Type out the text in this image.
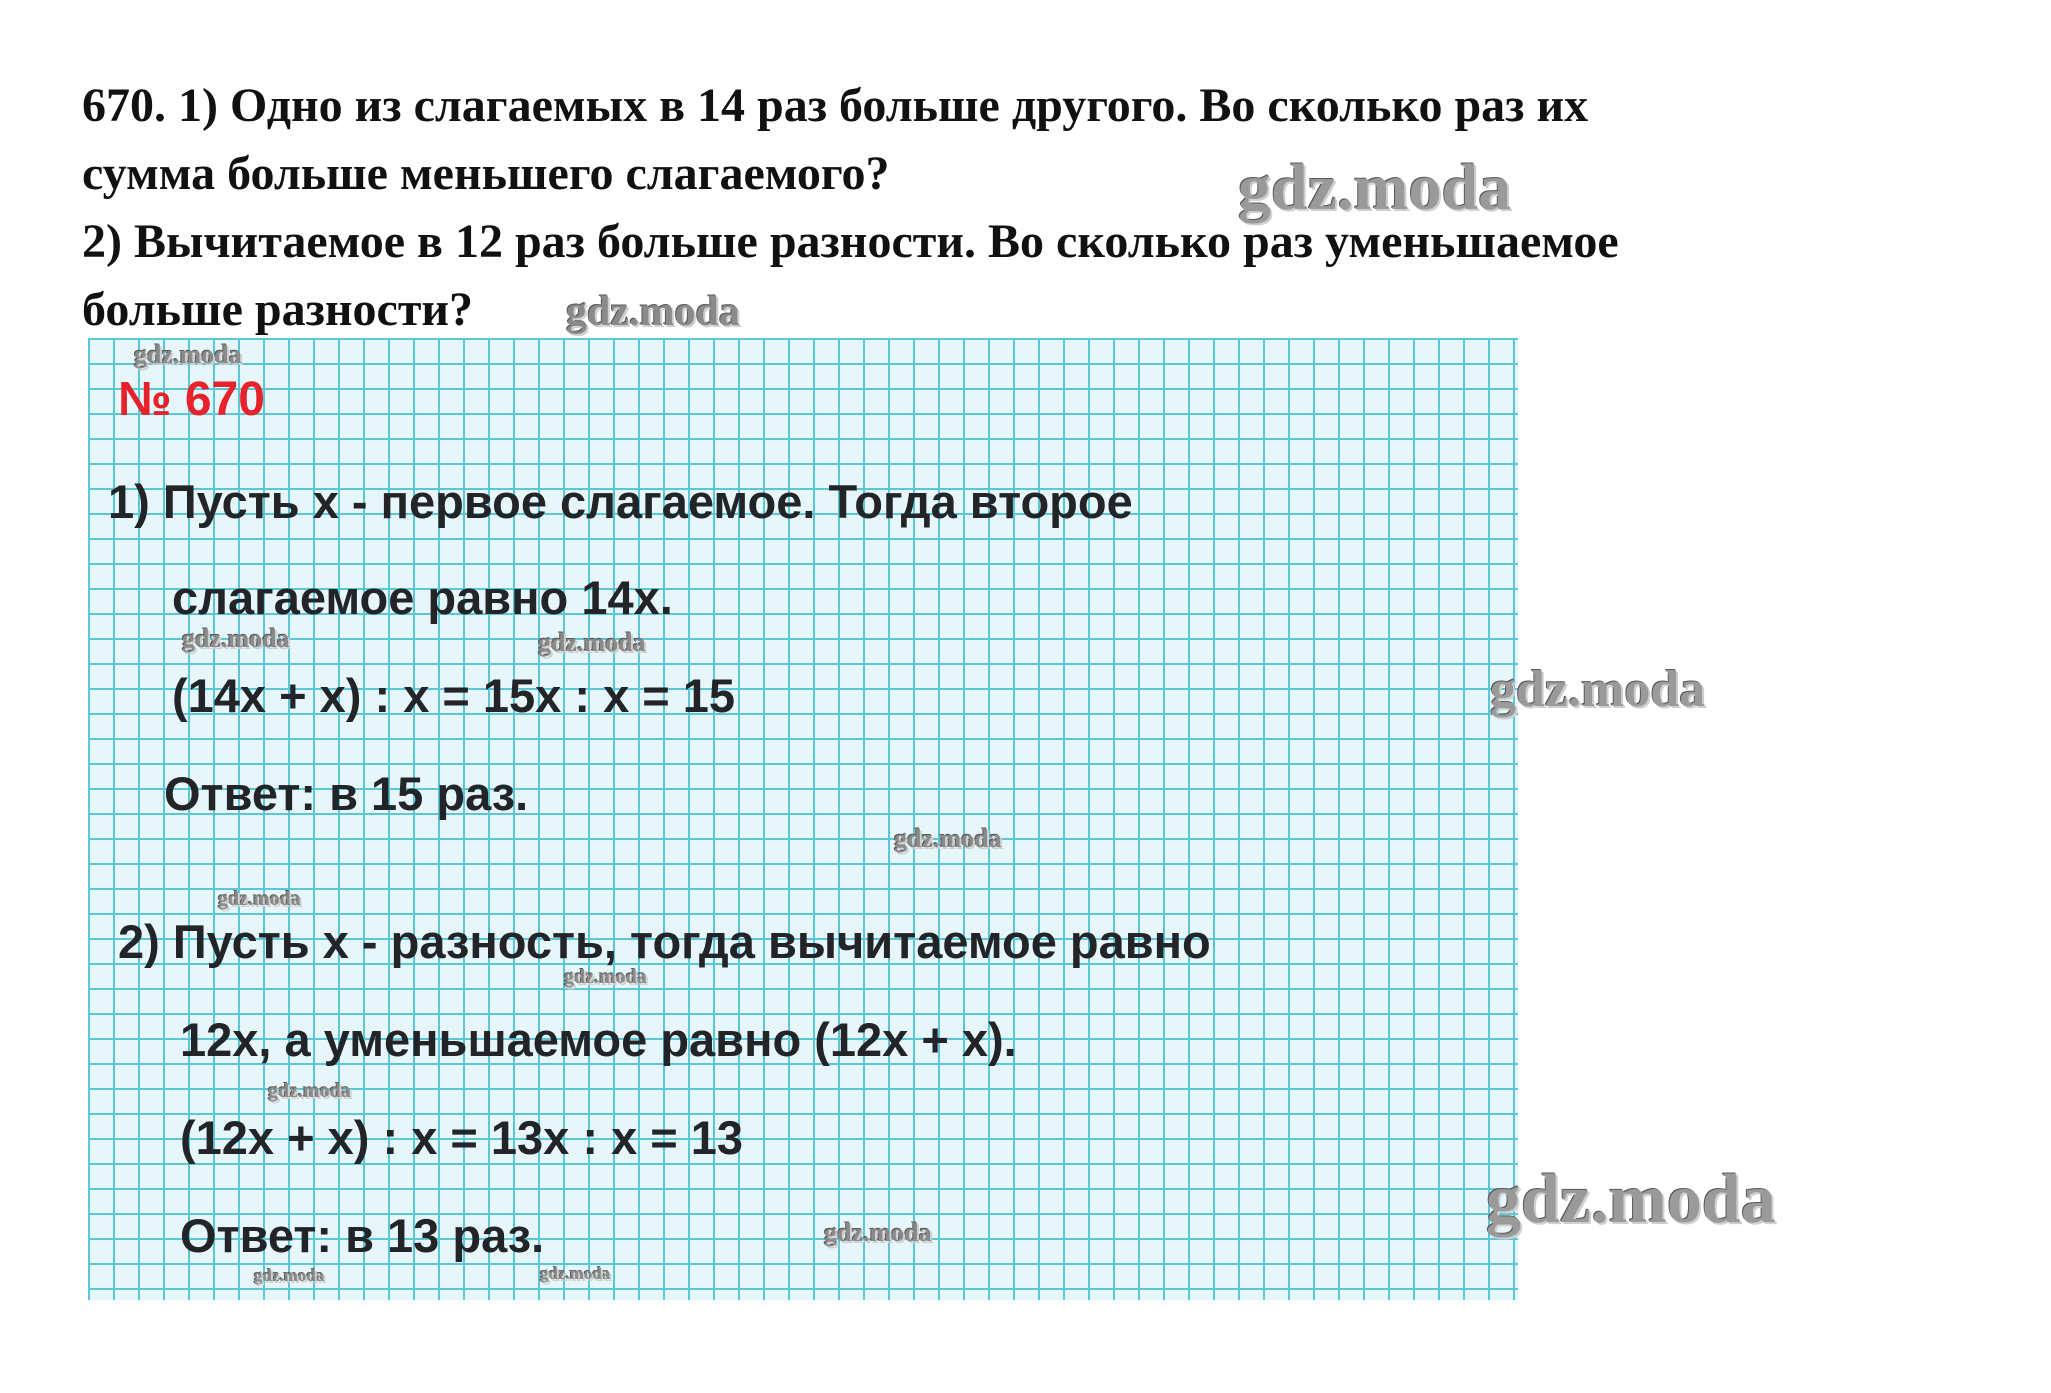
670. 1) Одно из слагаемых в 14 раз больше другого. Во сколько раз их

сумма больше меньшего слагаемого?

2) Вычитаемое в 12 раз больше разности. Во сколько раз уменьшаемое

больше разности?

№ 670
1) Пусть x - первое слагаемое. Тогда второе
слагаемое равно 14x.
(14x + x) : x = 15x : x = 15
Ответ: в 15 раз.
2) Пусть x - разность, тогда вычитаемое равно
12x, а уменьшаемое равно (12x + x).
(12x + x) : x = 13x : x = 13
Ответ: в 13 раз.
gdz.moda
gdz.moda
gdz.moda
gdz.moda	gdz.moda
gdz.moda
gdz.moda
gdz.moda
gdz.moda
gdz.moda
gdz.moda
gdz.moda	gdz.moda
gdz.moda
